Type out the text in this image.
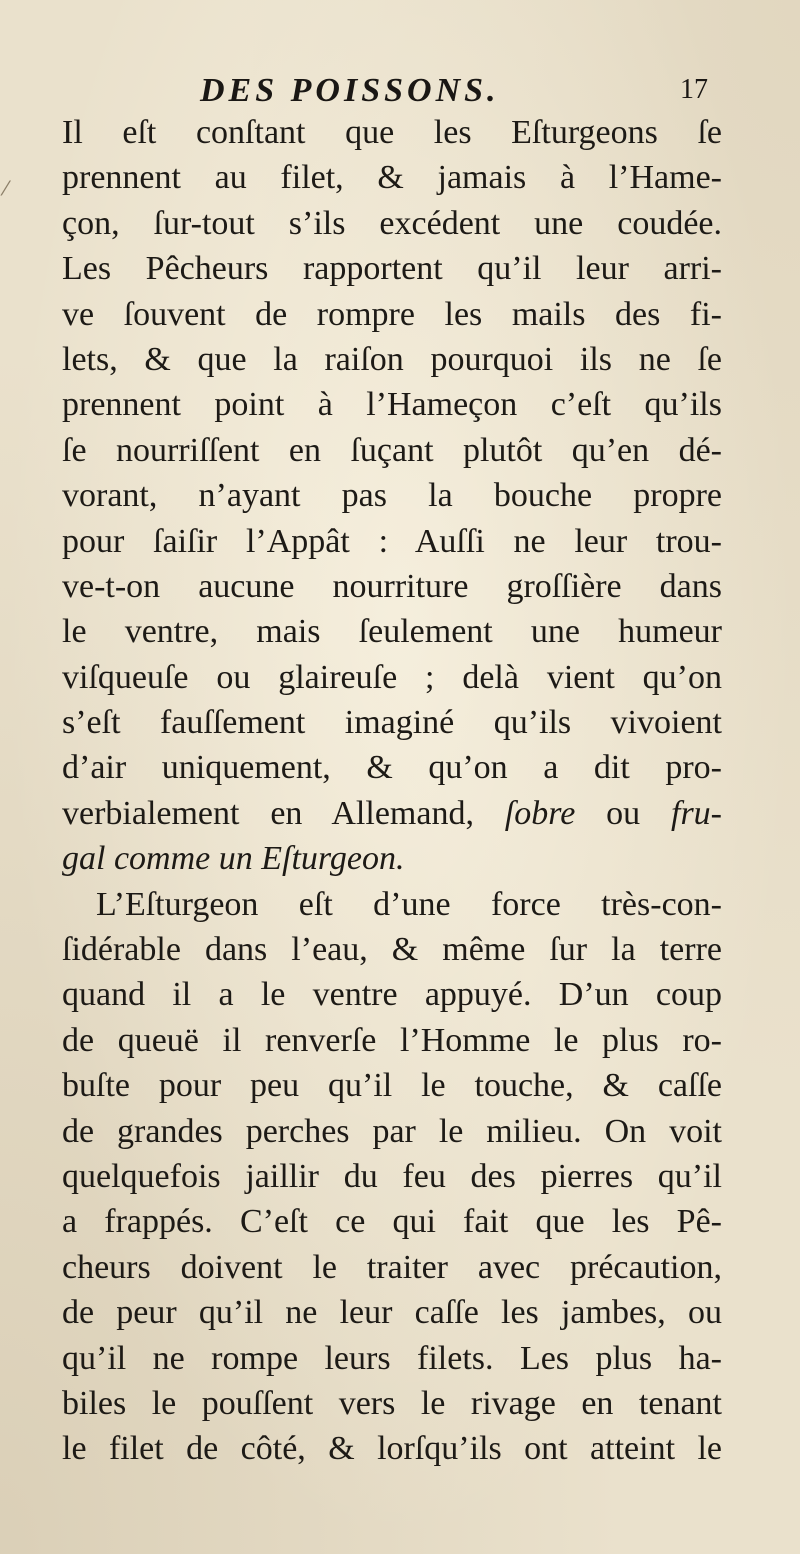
DES POISSONS.	17
⁄
Il eſt conſtant que les Eſturgeons ſe
prennent au filet, & jamais à l’Hame-
çon, ſur-tout s’ils excédent une coudée.
Les Pêcheurs rapportent qu’il leur arri-
ve ſouvent de rompre les mails des fi-
lets, & que la raiſon pourquoi ils ne ſe
prennent point à l’Hameçon c’eſt qu’ils
ſe nourriſſent en ſuçant plutôt qu’en dé-
vorant, n’ayant pas la bouche propre
pour ſaiſir l’Appât : Auſſi ne leur trou-
ve-t-on aucune nourriture groſſière dans
le ventre, mais ſeulement une humeur
viſqueuſe ou glaireuſe ; delà vient qu’on
s’eſt fauſſement imaginé qu’ils vivoient
d’air uniquement, & qu’on a dit pro-
verbialement en Allemand, ſobre ou fru-
gal comme un Eſturgeon.
L’Eſturgeon eſt d’une force très-con-
ſidérable dans l’eau, & même ſur la terre
quand il a le ventre appuyé. D’un coup
de queuë il renverſe l’Homme le plus ro-
buſte pour peu qu’il le touche, & caſſe
de grandes perches par le milieu. On voit
quelquefois jaillir du feu des pierres qu’il
a frappés. C’eſt ce qui fait que les Pê-
cheurs doivent le traiter avec précaution,
de peur qu’il ne leur caſſe les jambes, ou
qu’il ne rompe leurs filets. Les plus ha-
biles le pouſſent vers le rivage en tenant
le filet de côté, & lorſqu’ils ont atteint le
